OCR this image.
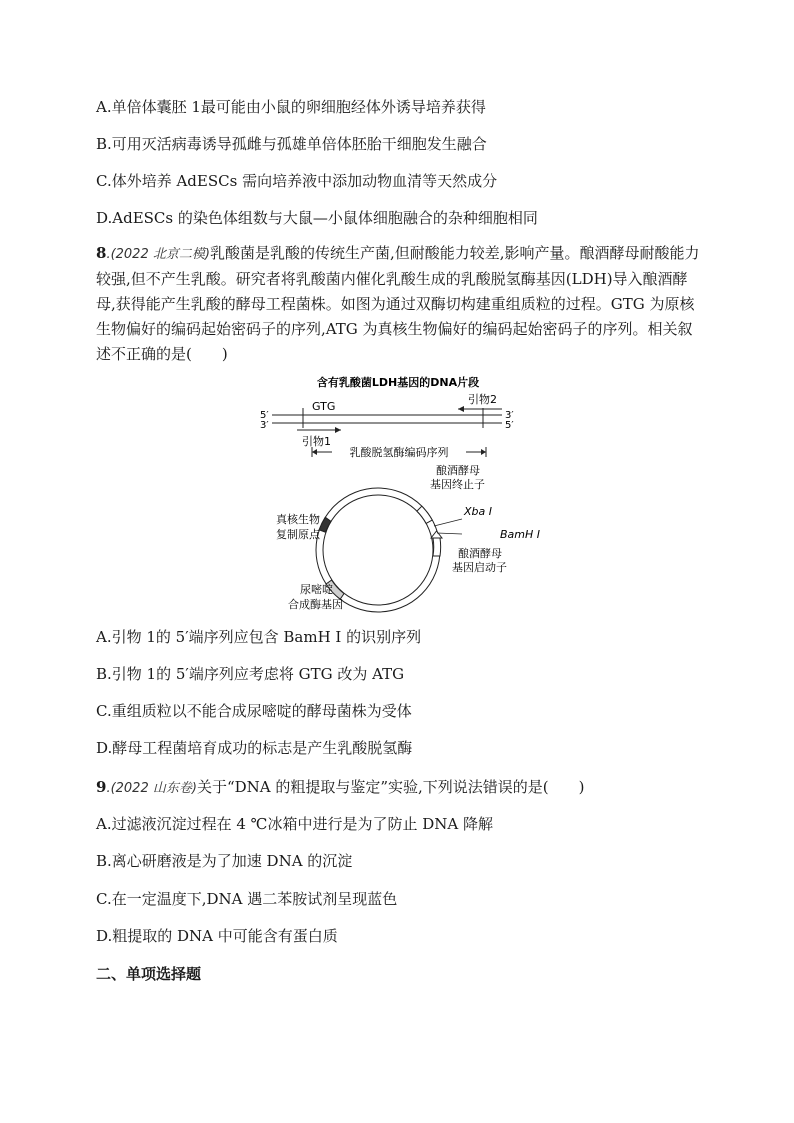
A.单倍体囊胚 1最可能由小鼠的卵细胞经体外诱导培养获得
B.可用灭活病毒诱导孤雌与孤雄单倍体胚胎干细胞发生融合
C.体外培养 AdESCs 需向培养液中添加动物血清等天然成分
D.AdESCs 的染色体组数与大鼠—小鼠体细胞融合的杂种细胞相同
8.(2022 北京二模)乳酸菌是乳酸的传统生产菌,但耐酸能力较差,影响产量。酿酒酵母耐酸能力较强,但不产生乳酸。研究者将乳酸菌内催化乳酸生成的乳酸脱氢酶基因(LDH)导入酿酒酵母,获得能产生乳酸的酵母工程菌株。如图为通过双酶切构建重组质粒的过程。GTG 为原核生物偏好的编码起始密码子的序列,ATG 为真核生物偏好的编码起始密码子的序列。相关叙述不正确的是(　　)
含有乳酸菌LDH基因的DNA片段
5′
3′
3′
5′
GTG
引物2
引物1
乳酸脱氢酶编码序列
酿酒酵母
基因终止子
Xba Ⅰ
BamH Ⅰ
酿酒酵母
基因启动子
真核生物
复制原点
尿嘧啶
合成酶基因
A.引物 1的 5′端序列应包含 BamH Ⅰ 的识别序列
B.引物 1的 5′端序列应考虑将 GTG 改为 ATG
C.重组质粒以不能合成尿嘧啶的酵母菌株为受体
D.酵母工程菌培育成功的标志是产生乳酸脱氢酶
9.(2022 山东卷)关于“DNA 的粗提取与鉴定”实验,下列说法错误的是(　　)
A.过滤液沉淀过程在 4 ℃冰箱中进行是为了防止 DNA 降解
B.离心研磨液是为了加速 DNA 的沉淀
C.在一定温度下,DNA 遇二苯胺试剂呈现蓝色
D.粗提取的 DNA 中可能含有蛋白质
二、单项选择题
